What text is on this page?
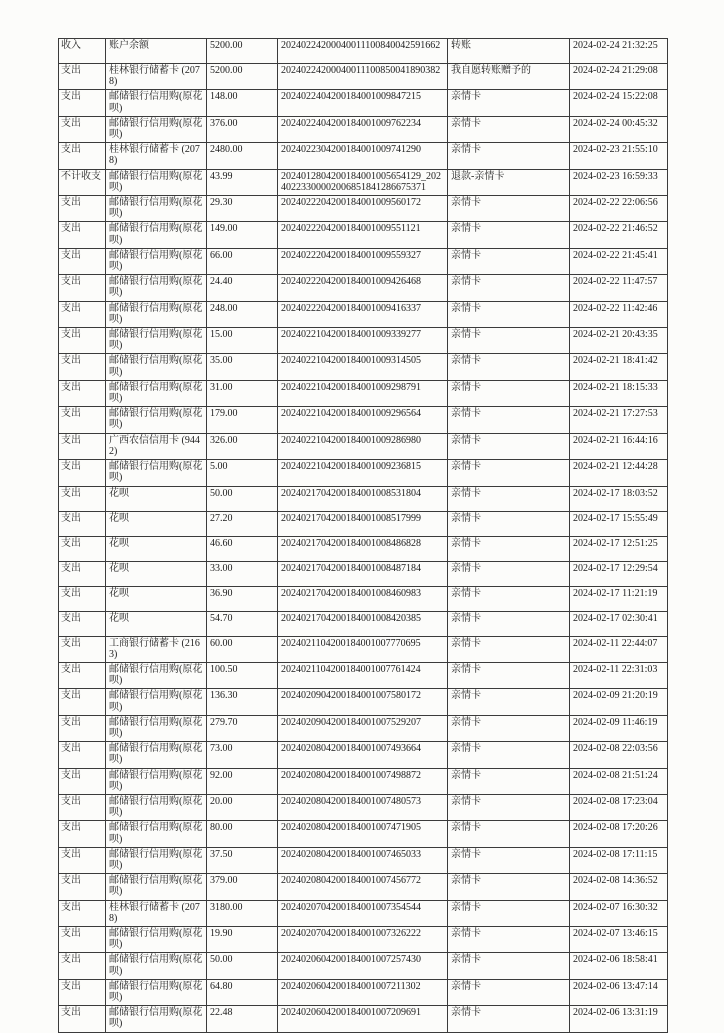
收入	账户余额	5200.00	20240224200040011100840042591662	转账	2024-02-24 21:32:25
支出	桂林银行储蓄卡 (2078)	5200.00	20240224200040011100850041890382	我自愿转账赠予的	2024-02-24 21:29:08
支出	邮储银行信用购(原花呗)	148.00	2024022404200184001009847215	亲情卡	2024-02-24 15:22:08
支出	邮储银行信用购(原花呗)	376.00	2024022404200184001009762234	亲情卡	2024-02-24 00:45:32
支出	桂林银行储蓄卡 (2078)	2480.00	2024022304200184001009741290	亲情卡	2024-02-23 21:55:10
不计收支	邮储银行信用购(原花呗)	43.99	2024012804200184001005654129_20240223300002006851841286675371	退款-亲情卡	2024-02-23 16:59:33
支出	邮储银行信用购(原花呗)	29.30	2024022204200184001009560172	亲情卡	2024-02-22 22:06:56
支出	邮储银行信用购(原花呗)	149.00	2024022204200184001009551121	亲情卡	2024-02-22 21:46:52
支出	邮储银行信用购(原花呗)	66.00	2024022204200184001009559327	亲情卡	2024-02-22 21:45:41
支出	邮储银行信用购(原花呗)	24.40	2024022204200184001009426468	亲情卡	2024-02-22 11:47:57
支出	邮储银行信用购(原花呗)	248.00	2024022204200184001009416337	亲情卡	2024-02-22 11:42:46
支出	邮储银行信用购(原花呗)	15.00	2024022104200184001009339277	亲情卡	2024-02-21 20:43:35
支出	邮储银行信用购(原花呗)	35.00	2024022104200184001009314505	亲情卡	2024-02-21 18:41:42
支出	邮储银行信用购(原花呗)	31.00	2024022104200184001009298791	亲情卡	2024-02-21 18:15:33
支出	邮储银行信用购(原花呗)	179.00	2024022104200184001009296564	亲情卡	2024-02-21 17:27:53
支出	广西农信信用卡 (9442)	326.00	2024022104200184001009286980	亲情卡	2024-02-21 16:44:16
支出	邮储银行信用购(原花呗)	5.00	2024022104200184001009236815	亲情卡	2024-02-21 12:44:28
支出	花呗	50.00	2024021704200184001008531804	亲情卡	2024-02-17 18:03:52
支出	花呗	27.20	2024021704200184001008517999	亲情卡	2024-02-17 15:55:49
支出	花呗	46.60	2024021704200184001008486828	亲情卡	2024-02-17 12:51:25
支出	花呗	33.00	2024021704200184001008487184	亲情卡	2024-02-17 12:29:54
支出	花呗	36.90	2024021704200184001008460983	亲情卡	2024-02-17 11:21:19
支出	花呗	54.70	2024021704200184001008420385	亲情卡	2024-02-17 02:30:41
支出	工商银行储蓄卡 (2163)	60.00	2024021104200184001007770695	亲情卡	2024-02-11 22:44:07
支出	邮储银行信用购(原花呗)	100.50	2024021104200184001007761424	亲情卡	2024-02-11 22:31:03
支出	邮储银行信用购(原花呗)	136.30	2024020904200184001007580172	亲情卡	2024-02-09 21:20:19
支出	邮储银行信用购(原花呗)	279.70	2024020904200184001007529207	亲情卡	2024-02-09 11:46:19
支出	邮储银行信用购(原花呗)	73.00	2024020804200184001007493664	亲情卡	2024-02-08 22:03:56
支出	邮储银行信用购(原花呗)	92.00	2024020804200184001007498872	亲情卡	2024-02-08 21:51:24
支出	邮储银行信用购(原花呗)	20.00	2024020804200184001007480573	亲情卡	2024-02-08 17:23:04
支出	邮储银行信用购(原花呗)	80.00	2024020804200184001007471905	亲情卡	2024-02-08 17:20:26
支出	邮储银行信用购(原花呗)	37.50	2024020804200184001007465033	亲情卡	2024-02-08 17:11:15
支出	邮储银行信用购(原花呗)	379.00	2024020804200184001007456772	亲情卡	2024-02-08 14:36:52
支出	桂林银行储蓄卡 (2078)	3180.00	2024020704200184001007354544	亲情卡	2024-02-07 16:30:32
支出	邮储银行信用购(原花呗)	19.90	2024020704200184001007326222	亲情卡	2024-02-07 13:46:15
支出	邮储银行信用购(原花呗)	50.00	2024020604200184001007257430	亲情卡	2024-02-06 18:58:41
支出	邮储银行信用购(原花呗)	64.80	2024020604200184001007211302	亲情卡	2024-02-06 13:47:14
支出	邮储银行信用购(原花呗)	22.48	2024020604200184001007209691	亲情卡	2024-02-06 13:31:19
